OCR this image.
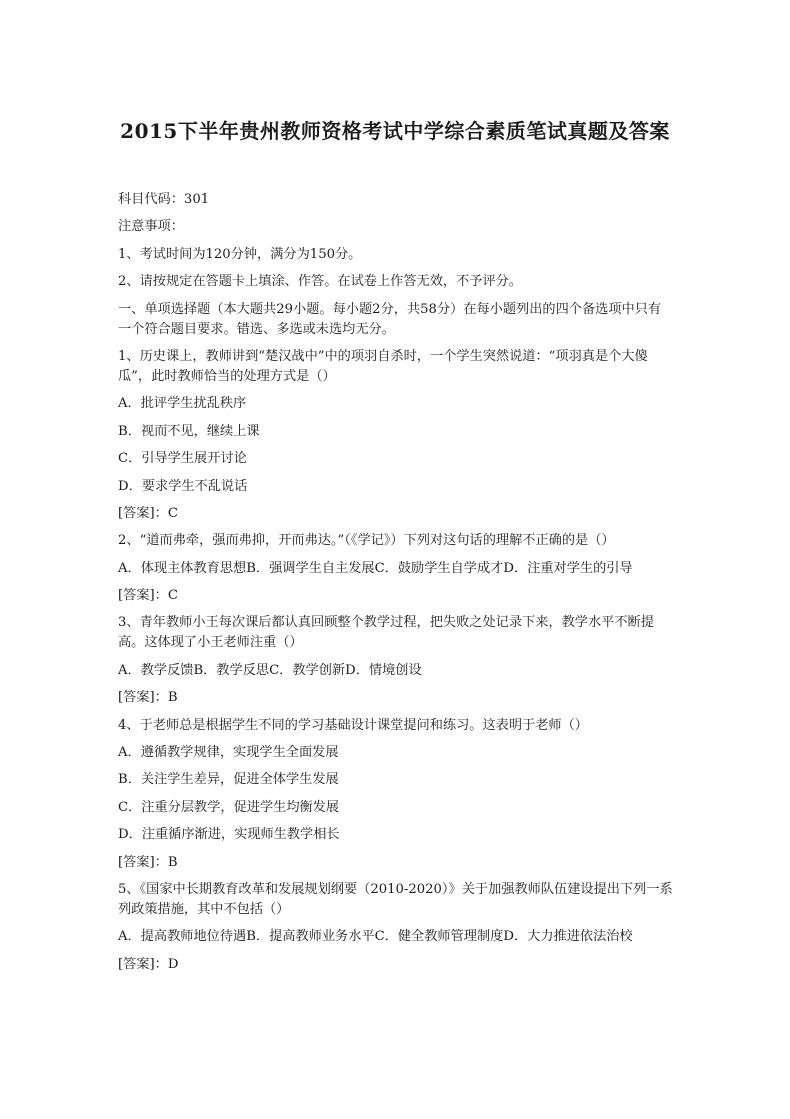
2015下半年贵州教师资格考试中学综合素质笔试真题及答案

科目代码：301

注意事项：

1、考试时间为120分钟，满分为150分。

2、请按规定在答题卡上填涂、作答。在试卷上作答无效，不予评分。

一、单项选择题（本大题共29小题。每小题2分，共58分）在每小题列出的四个备选项中只有一个符合题目要求。错选、多选或未选均无分。

1、历史课上，教师讲到“楚汉战中”中的项羽自杀时，一个学生突然说道：“项羽真是个大傻瓜”，此时教师恰当的处理方式是（）

A．批评学生扰乱秩序

B．视而不见，继续上课

C．引导学生展开讨论

D．要求学生不乱说话

[答案]：C

2、“道而弗牵，强而弗抑，开而弗达。”（《学记》）下列对这句话的理解不正确的是（）

A．体现主体教育思想B．强调学生自主发展C．鼓励学生自学成才D．注重对学生的引导

[答案]：C

3、青年教师小王每次课后都认真回顾整个教学过程，把失败之处记录下来，教学水平不断提高。这体现了小王老师注重（）

A．教学反馈B．教学反思C．教学创新D．情境创设

[答案]：B

4、于老师总是根据学生不同的学习基础设计课堂提问和练习。这表明于老师（）

A．遵循教学规律，实现学生全面发展

B．关注学生差异，促进全体学生发展

C．注重分层教学，促进学生均衡发展

D．注重循序渐进，实现师生教学相长

[答案]：B

5、《国家中长期教育改革和发展规划纲要（2010-2020）》关于加强教师队伍建设提出下列一系列政策措施，其中不包括（）

A．提高教师地位待遇B．提高教师业务水平C．健全教师管理制度D．大力推进依法治校

[答案]：D
